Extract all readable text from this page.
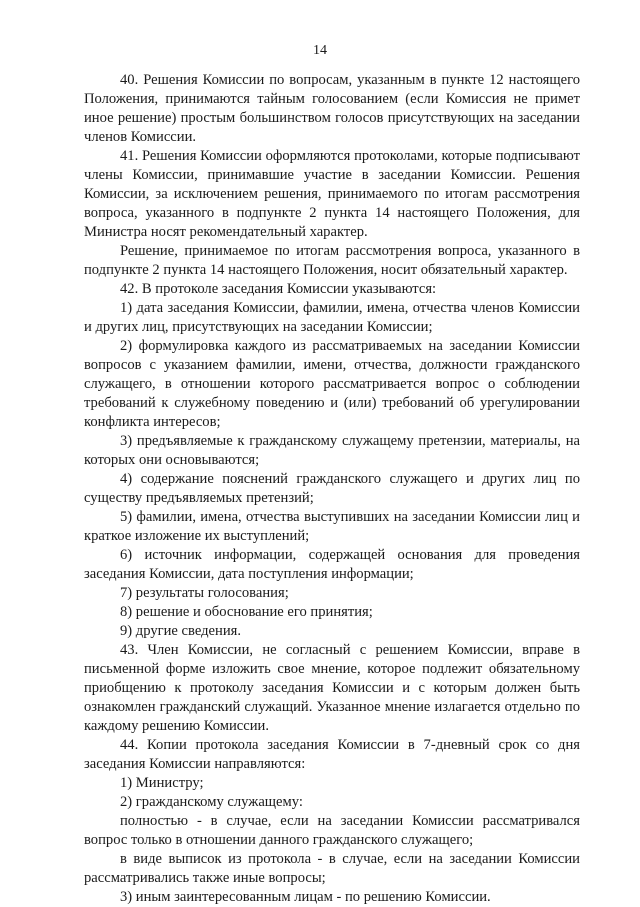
14

40. Решения Комиссии по вопросам, указанным в пункте 12 настоящего Положения, принимаются тайным голосованием (если Комиссия не примет иное решение) простым большинством голосов присутствующих на заседании членов Комиссии.

41. Решения Комиссии оформляются протоколами, которые подписывают члены Комиссии, принимавшие участие в заседании Комиссии. Решения Комиссии, за исключением решения, принимаемого по итогам рассмотрения вопроса, указанного в подпункте 2 пункта 14 настоящего Положения, для Министра носят рекомендательный характер.

Решение, принимаемое по итогам рассмотрения вопроса, указанного в подпункте 2 пункта 14 настоящего Положения, носит обязательный характер.

42. В протоколе заседания Комиссии указываются:

1) дата заседания Комиссии, фамилии, имена, отчества членов Комиссии и других лиц, присутствующих на заседании Комиссии;

2) формулировка каждого из рассматриваемых на заседании Комиссии вопросов с указанием фамилии, имени, отчества, должности гражданского служащего, в отношении которого рассматривается вопрос о соблюдении требований к служебному поведению и (или) требований об урегулировании конфликта интересов;

3) предъявляемые к гражданскому служащему претензии, материалы, на которых они основываются;

4) содержание пояснений гражданского служащего и других лиц по существу предъявляемых претензий;

5) фамилии, имена, отчества выступивших на заседании Комиссии лиц и краткое изложение их выступлений;

6) источник информации, содержащей основания для проведения заседания Комиссии, дата поступления информации;

7) результаты голосования;

8) решение и обоснование его принятия;

9) другие сведения.

43. Член Комиссии, не согласный с решением Комиссии, вправе в письменной форме изложить свое мнение, которое подлежит обязательному приобщению к протоколу заседания Комиссии и с которым должен быть ознакомлен гражданский служащий. Указанное мнение излагается отдельно по каждому решению Комиссии.

44. Копии протокола заседания Комиссии в 7-дневный срок со дня заседания Комиссии направляются:

1) Министру;

2) гражданскому служащему:

полностью - в случае, если на заседании Комиссии рассматривался вопрос только в отношении данного гражданского служащего;

в виде выписок из протокола - в случае, если на заседании Комиссии рассматривались также иные вопросы;

3) иным заинтересованным лицам - по решению Комиссии.
